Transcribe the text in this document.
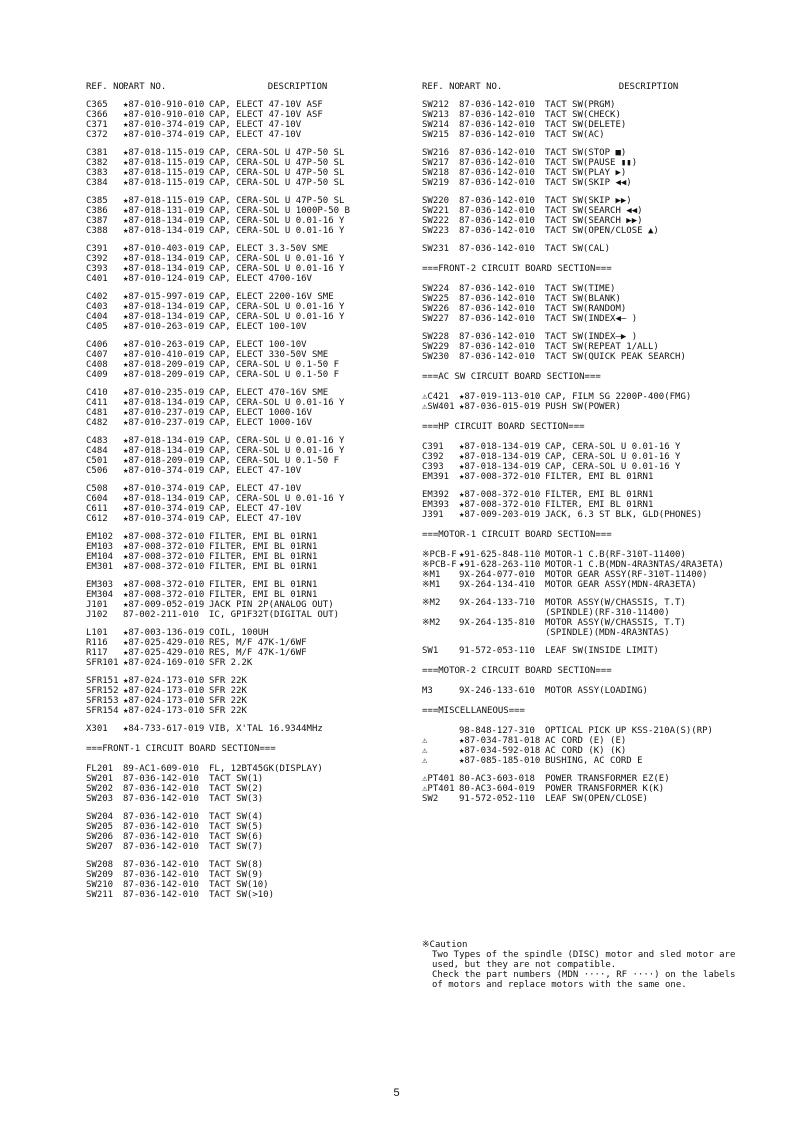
REF. NO.
PART NO.	DESCRIPTION
C365	★87-010-910-010 CAP, ELECT 47-10V ASF
C366	★87-010-910-010 CAP, ELECT 47-10V ASF
C371	★87-010-374-019 CAP, ELECT 47-10V
C372	★87-010-374-019 CAP, ELECT 47-10V
C381	★87-018-115-019 CAP, CERA-SOL U 47P-50 SL
C382	★87-018-115-019 CAP, CERA-SOL U 47P-50 SL
C383	★87-018-115-019 CAP, CERA-SOL U 47P-50 SL
C384	★87-018-115-019 CAP, CERA-SOL U 47P-50 SL
C385	★87-018-115-019 CAP, CERA-SOL U 47P-50 SL
C386	★87-018-131-019 CAP, CERA-SOL U 1000P-50 B
C387	★87-018-134-019 CAP, CERA-SOL U 0.01-16 Y
C388	★87-018-134-019 CAP, CERA-SOL U 0.01-16 Y
C391	★87-010-403-019 CAP, ELECT 3.3-50V SME
C392	★87-018-134-019 CAP, CERA-SOL U 0.01-16 Y
C393	★87-018-134-019 CAP, CERA-SOL U 0.01-16 Y
C401	★87-010-124-019 CAP, ELECT 4700-16V
C402	★87-015-997-019 CAP, ELECT 2200-16V SME
C403	★87-018-134-019 CAP, CERA-SOL U 0.01-16 Y
C404	★87-018-134-019 CAP, CERA-SOL U 0.01-16 Y
C405	★87-010-263-019 CAP, ELECT 100-10V
C406	★87-010-263-019 CAP, ELECT 100-10V
C407	★87-010-410-019 CAP, ELECT 330-50V SME
C408	★87-018-209-019 CAP, CERA-SOL U 0.1-50 F
C409	★87-018-209-019 CAP, CERA-SOL U 0.1-50 F
C410	★87-010-235-019 CAP, ELECT 470-16V SME
C411	★87-018-134-019 CAP, CERA-SOL U 0.01-16 Y
C481	★87-010-237-019 CAP, ELECT 1000-16V
C482	★87-010-237-019 CAP, ELECT 1000-16V
C483	★87-018-134-019 CAP, CERA-SOL U 0.01-16 Y
C484	★87-018-134-019 CAP, CERA-SOL U 0.01-16 Y
C501	★87-018-209-019 CAP, CERA-SOL U 0.1-50 F
C506	★87-010-374-019 CAP, ELECT 47-10V
C508	★87-010-374-019 CAP, ELECT 47-10V
C604	★87-018-134-019 CAP, CERA-SOL U 0.01-16 Y
C611	★87-010-374-019 CAP, ELECT 47-10V
C612	★87-010-374-019 CAP, ELECT 47-10V
EM102	★87-008-372-010 FILTER, EMI BL 01RN1
EM103	★87-008-372-010 FILTER, EMI BL 01RN1
EM104	★87-008-372-010 FILTER, EMI BL 01RN1
EM301	★87-008-372-010 FILTER, EMI BL 01RN1
EM303	★87-008-372-010 FILTER, EMI BL 01RN1
EM304	★87-008-372-010 FILTER, EMI BL 01RN1
J101	★87-009-052-019 JACK PIN 2P(ANALOG OUT)
J102	87-002-211-010	IC, GP1F32T(DIGITAL OUT)
L101	★87-003-136-019 COIL, 100UH
R116	★87-025-429-010 RES, M/F 47K-1/6WF
R117	★87-025-429-010 RES, M/F 47K-1/6WF
SFR101 ★87-024-169-010 SFR 2.2K
SFR151 ★87-024-173-010 SFR 22K
SFR152 ★87-024-173-010 SFR 22K
SFR153 ★87-024-173-010 SFR 22K
SFR154 ★87-024-173-010 SFR 22K
X301	★84-733-617-019 VIB, X'TAL 16.9344MHz
===FRONT-1 CIRCUIT BOARD SECTION===
FL201	89-AC1-609-010	FL, 12BT45GK(DISPLAY)
SW201	87-036-142-010	TACT SW(1)
SW202	87-036-142-010	TACT SW(2)
SW203	87-036-142-010	TACT SW(3)
SW204	87-036-142-010	TACT SW(4)
SW205	87-036-142-010	TACT SW(5)
SW206	87-036-142-010	TACT SW(6)
SW207	87-036-142-010	TACT SW(7)
SW208	87-036-142-010	TACT SW(8)
SW209	87-036-142-010	TACT SW(9)
SW210	87-036-142-010	TACT SW(10)
SW211	87-036-142-010	TACT SW(>10)
REF. NO.
PART NO.	DESCRIPTION
SW212	87-036-142-010	TACT SW(PRGM)
SW213	87-036-142-010	TACT SW(CHECK)
SW214	87-036-142-010	TACT SW(DELETE)
SW215	87-036-142-010	TACT SW(AC)
SW216	87-036-142-010	TACT SW(STOP ■)
SW217	87-036-142-010	TACT SW(PAUSE ▮▮)
SW218	87-036-142-010	TACT SW(PLAY ▶)
SW219	87-036-142-010	TACT SW(SKIP ◀◀)
SW220	87-036-142-010	TACT SW(SKIP ▶▶)
SW221	87-036-142-010	TACT SW(SEARCH ◀◀)
SW222	87-036-142-010	TACT SW(SEARCH ▶▶)
SW223	87-036-142-010	TACT SW(OPEN/CLOSE ▲)
SW231	87-036-142-010	TACT SW(CAL)
===FRONT-2 CIRCUIT BOARD SECTION===
SW224	87-036-142-010	TACT SW(TIME)
SW225	87-036-142-010	TACT SW(BLANK)
SW226	87-036-142-010	TACT SW(RANDOM)
SW227	87-036-142-010	TACT SW(INDEX◀— )
SW228	87-036-142-010	TACT SW(INDEX—▶ )
SW229	87-036-142-010	TACT SW(REPEAT 1/ALL)
SW230	87-036-142-010	TACT SW(QUICK PEAK SEARCH)
===AC SW CIRCUIT BOARD SECTION===
⚠C421	★87-019-113-010 CAP, FILM SG 2200P-400(FMG)
⚠SW401 ★87-036-015-019 PUSH SW(POWER)
===HP CIRCUIT BOARD SECTION===
C391	★87-018-134-019 CAP, CERA-SOL U 0.01-16 Y
C392	★87-018-134-019 CAP, CERA-SOL U 0.01-16 Y
C393	★87-018-134-019 CAP, CERA-SOL U 0.01-16 Y
EM391	★87-008-372-010 FILTER, EMI BL 01RN1
EM392	★87-008-372-010 FILTER, EMI BL 01RN1
EM393	★87-008-372-010 FILTER, EMI BL 01RN1
J391	★87-009-203-019 JACK, 6.3 ST BLK, GLD(PHONES)
===MOTOR-1 CIRCUIT BOARD SECTION===
※PCB-F ★91-625-848-110 MOTOR-1 C.B(RF-310T-11400)
※PCB-F ★91-628-263-110 MOTOR-1 C.B(MDN-4RA3NTAS/4RA3ETA)
※M1	9X-264-077-010	MOTOR GEAR ASSY(RF-310T-11400)
※M1	9X-264-134-410	MOTOR GEAR ASSY(MDN-4RA3ETA)
※M2	9X-264-133-710	MOTOR ASSY(W/CHASSIS, T.T)
(SPINDLE)(RF-310-11400)
※M2	9X-264-135-810	MOTOR ASSY(W/CHASSIS, T.T)
(SPINDLE)(MDN-4RA3NTAS)
SW1	91-572-053-110	LEAF SW(INSIDE LIMIT)
===MOTOR-2 CIRCUIT BOARD SECTION===
M3	9X-246-133-610	MOTOR ASSY(LOADING)
===MISCELLANEOUS===
98-848-127-310	OPTICAL PICK UP KSS-210A(S)(RP)
⚠	★87-034-781-018 AC CORD (E) (E)
⚠	★87-034-592-018 AC CORD (K) (K)
⚠	★87-085-185-010 BUSHING, AC CORD E
⚠PT401 80-AC3-603-018	POWER TRANSFORMER EZ(E)
⚠PT401 80-AC3-604-019	POWER TRANSFORMER K(K)
SW2	91-572-052-110	LEAF SW(OPEN/CLOSE)
※Caution
Two Types of the spindle (DISC) motor and sled motor are
used, but they are not compatible.
Check the part numbers (MDN ····, RF ····) on the labels
of motors and replace motors with the same one.
5
